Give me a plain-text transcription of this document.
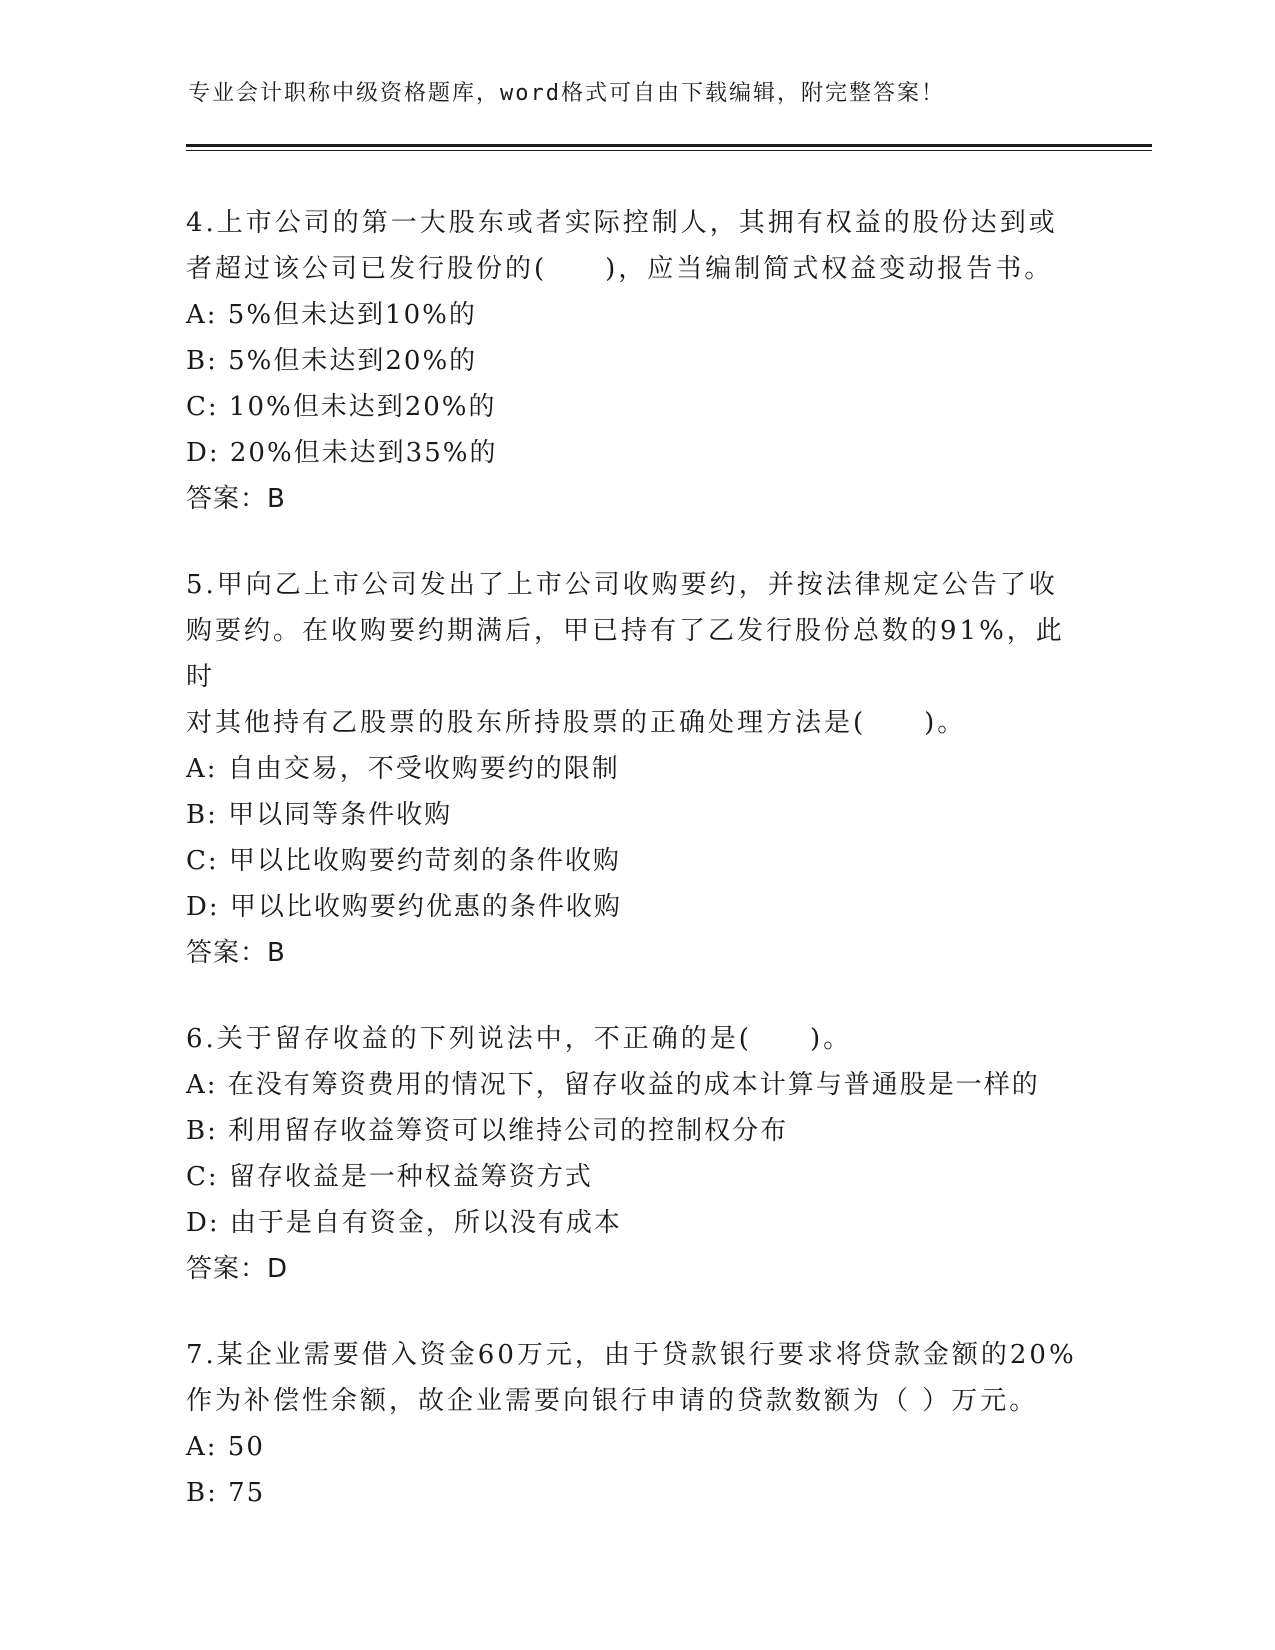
专业会计职称中级资格题库，word格式可自由下载编辑，附完整答案！

4.上市公司的第一大股东或者实际控制人，其拥有权益的股份达到或

者超过该公司已发行股份的(　　)，应当编制简式权益变动报告书。

A: 5%但未达到10%的

B: 5%但未达到20%的

C: 10%但未达到20%的

D: 20%但未达到35%的

答案：B

5.甲向乙上市公司发出了上市公司收购要约，并按法律规定公告了收

购要约。在收购要约期满后，甲已持有了乙发行股份总数的91%，此时

对其他持有乙股票的股东所持股票的正确处理方法是(　　)。

A: 自由交易，不受收购要约的限制

B: 甲以同等条件收购

C: 甲以比收购要约苛刻的条件收购

D: 甲以比收购要约优惠的条件收购

答案：B

6.关于留存收益的下列说法中，不正确的是(　　)。

A: 在没有筹资费用的情况下，留存收益的成本计算与普通股是一样的

B: 利用留存收益筹资可以维持公司的控制权分布

C: 留存收益是一种权益筹资方式

D: 由于是自有资金，所以没有成本

答案：D

7.某企业需要借入资金60万元，由于贷款银行要求将贷款金额的20%

作为补偿性余额，故企业需要向银行申请的贷款数额为（ ）万元。

A: 50

B: 75
